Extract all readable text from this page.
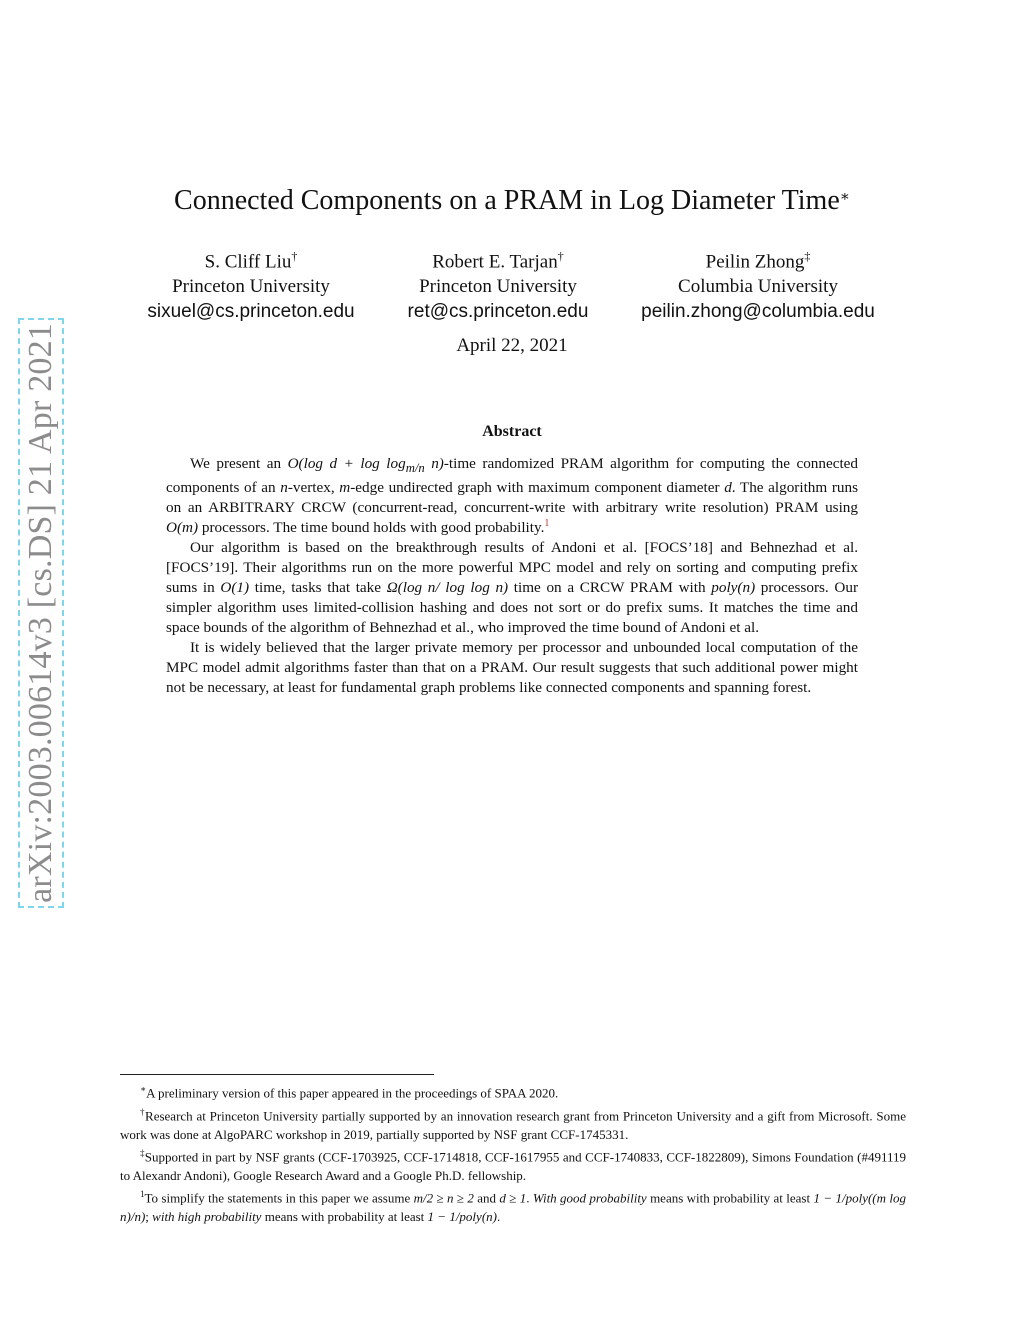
arXiv:2003.00614v3 [cs.DS] 21 Apr 2021
Connected Components on a PRAM in Log Diameter Time∗
S. Cliff Liu†
Princeton University
sixuel@cs.princeton.edu
Robert E. Tarjan†
Princeton University
ret@cs.princeton.edu
Peilin Zhong‡
Columbia University
peilin.zhong@columbia.edu
April 22, 2021
Abstract

We present an O(log $d + \log \log_{m/n}$ n)-time randomized PRAM algorithm for computing the connected components of an n-vertex, m-edge undirected graph with maximum component diameter d. The algorithm runs on an ARBITRARY CRCW (concurrent-read, concurrent-write with arbitrary write resolution) PRAM using O(m) processors. The time bound holds with good probability.$^1$

Our algorithm is based on the breakthrough results of Andoni et al. [FOCS’18] and Behnezhad et al. [FOCS’19]. Their algorithms run on the more powerful MPC model and rely on sorting and computing prefix sums in O(1) time, tasks that take Ω(log n/ log log n) time on a CRCW PRAM with poly(n) processors. Our simpler algorithm uses limited-collision hashing and does not sort or do prefix sums. It matches the time and space bounds of the algorithm of Behnezhad et al., who improved the time bound of Andoni et al.

It is widely believed that the larger private memory per processor and unbounded local computation of the MPC model admit algorithms faster than that on a PRAM. Our result suggests that such additional power might not be necessary, at least for fundamental graph problems like connected components and spanning forest.

∗A preliminary version of this paper appeared in the proceedings of SPAA 2020.

†Research at Princeton University partially supported by an innovation research grant from Princeton University and a gift from Microsoft. Some work was done at AlgoPARC workshop in 2019, partially supported by NSF grant CCF-1745331.

‡Supported in part by NSF grants (CCF-1703925, CCF-1714818, CCF-1617955 and CCF-1740833, CCF-1822809), Simons Foundation (#491119 to Alexandr Andoni), Google Research Award and a Google Ph.D. fellowship.

$^1$To simplify the statements in this paper we assume m/2 ≥ n ≥ 2 and d ≥ 1. With good probability means with probability at least 1 − 1/poly((m log n)/n); with high probability means with probability at least 1 − 1/poly(n).
